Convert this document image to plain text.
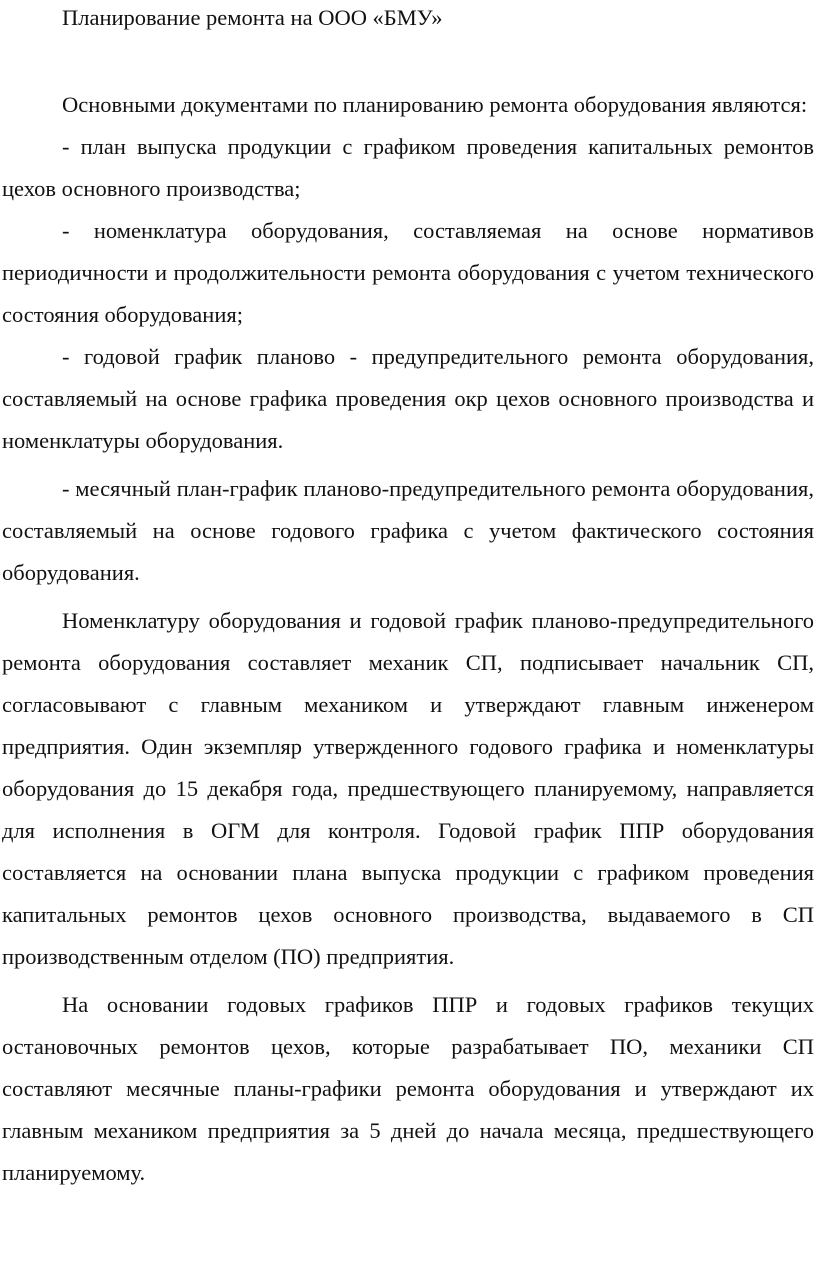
Планирование ремонта на ООО «БМУ»

Основными документами по планированию ремонта оборудования являются:

- план выпуска продукции с графиком проведения капитальных ремонтов цехов основного производства;

- номенклатура оборудования, составляемая на основе нормативов периодичности и продолжительности ремонта оборудования с учетом технического состояния оборудования;

- годовой график планово - предупредительного ремонта оборудования, составляемый на основе графика проведения окр цехов основного производства и номенклатуры оборудования.

- месячный план-график планово-предупредительного ремонта оборудования, составляемый на основе годового графика с учетом фактического состояния оборудования.

Номенклатуру оборудования и годовой график планово-предупредительного ремонта оборудования составляет механик СП, подписывает начальник СП, согласовывают с главным механиком и утверждают главным инженером предприятия. Один экземпляр утвержденного годового графика и номенклатуры оборудования до 15 декабря года, предшествующего планируемому, направляется для исполнения в ОГМ для контроля. Годовой график ППР оборудования составляется на основании плана выпуска продукции с графиком проведения капитальных ремонтов цехов основного производства, выдаваемого в СП производственным отделом (ПО) предприятия.

На основании годовых графиков ППР и годовых графиков текущих остановочных ремонтов цехов, которые разрабатывает ПО, механики СП составляют месячные планы-графики ремонта оборудования и утверждают их главным механиком предприятия за 5 дней до начала месяца, предшествующего планируемому.
